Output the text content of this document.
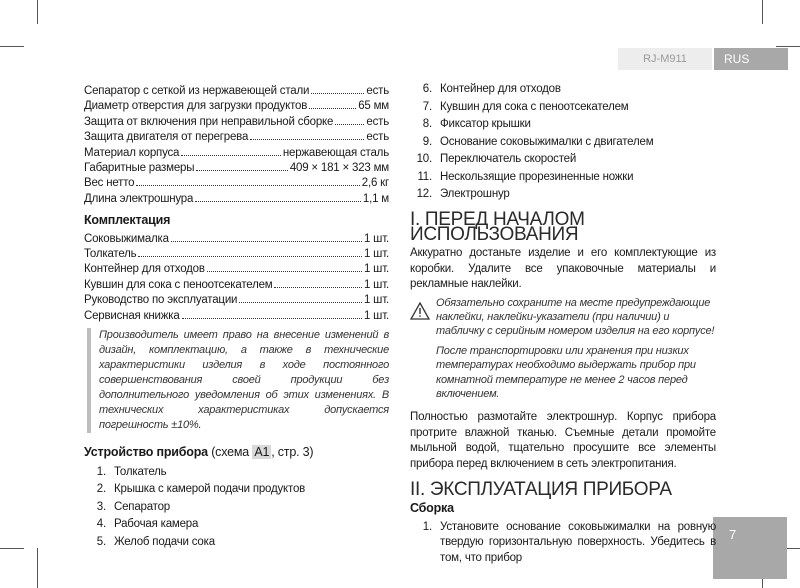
RJ-M911	RUS
7
Сепаратор с сеткой из нержавеющей стали	есть
Диаметр отверстия для загрузки продуктов	65 мм
Защита от включения при неправильной сборке	есть
Защита двигателя от перегрева	есть
Материал корпуса	нержавеющая сталь
Габаритные размеры	409 × 181 × 323 мм
Вес нетто	2,6 кг
Длина электрошнура	1,1 м
Комплектация
Соковыжималка	1 шт.
Толкатель	1 шт.
Контейнер для отходов	1 шт.
Кувшин для сока с пеноотсекателем	1 шт.
Руководство по эксплуатации	1 шт.
Сервисная книжка	1 шт.
Производитель имеет право на внесение изменений в дизайн, комплектацию, а также в технические характеристики изделия в ходе постоянного совершенствования своей продукции без дополнительного уведомления об этих изменениях. В технических характеристиках допускается погрешность ±10%.
Устройство прибора (схема A1 , стр. 3)
1. Толкатель
2. Крышка с камерой подачи продуктов
3. Сепаратор
4. Рабочая камера
5. Желоб подачи сока
6. Контейнер для отходов
7. Кувшин для сока с пеноотсекателем
8. Фиксатор крышки
9. Основание соковыжималки с двигателем
10. Переключатель скоростей
11. Нескользящие прорезиненные ножки
12. Электрошнур
I. ПЕРЕД НАЧАЛОМ ИСПОЛЬЗОВАНИЯ
Аккуратно достаньте изделие и его комплектующие из коробки. Удалите все упаковочные материалы и рекламные наклейки.

Обязательно сохраните на месте предупреждающие наклейки, наклейки-указатели (при наличии) и табличку с серийным номером изделия на его корпусе!

После транспортировки или хранения при низких температурах необходимо выдержать прибор при комнатной температуре не менее 2 часов перед включением.

Полностью размотайте электрошнур. Корпус прибора протрите влажной тканью. Съемные детали промойте мыльной водой, тщательно просушите все элементы прибора перед включением в сеть электропитания.
II. ЭКСПЛУАТАЦИЯ ПРИБОРА
Сборка
1. Установите основание соковыжималки на ровную твердую горизонтальную поверхность. Убедитесь в том, что прибор
